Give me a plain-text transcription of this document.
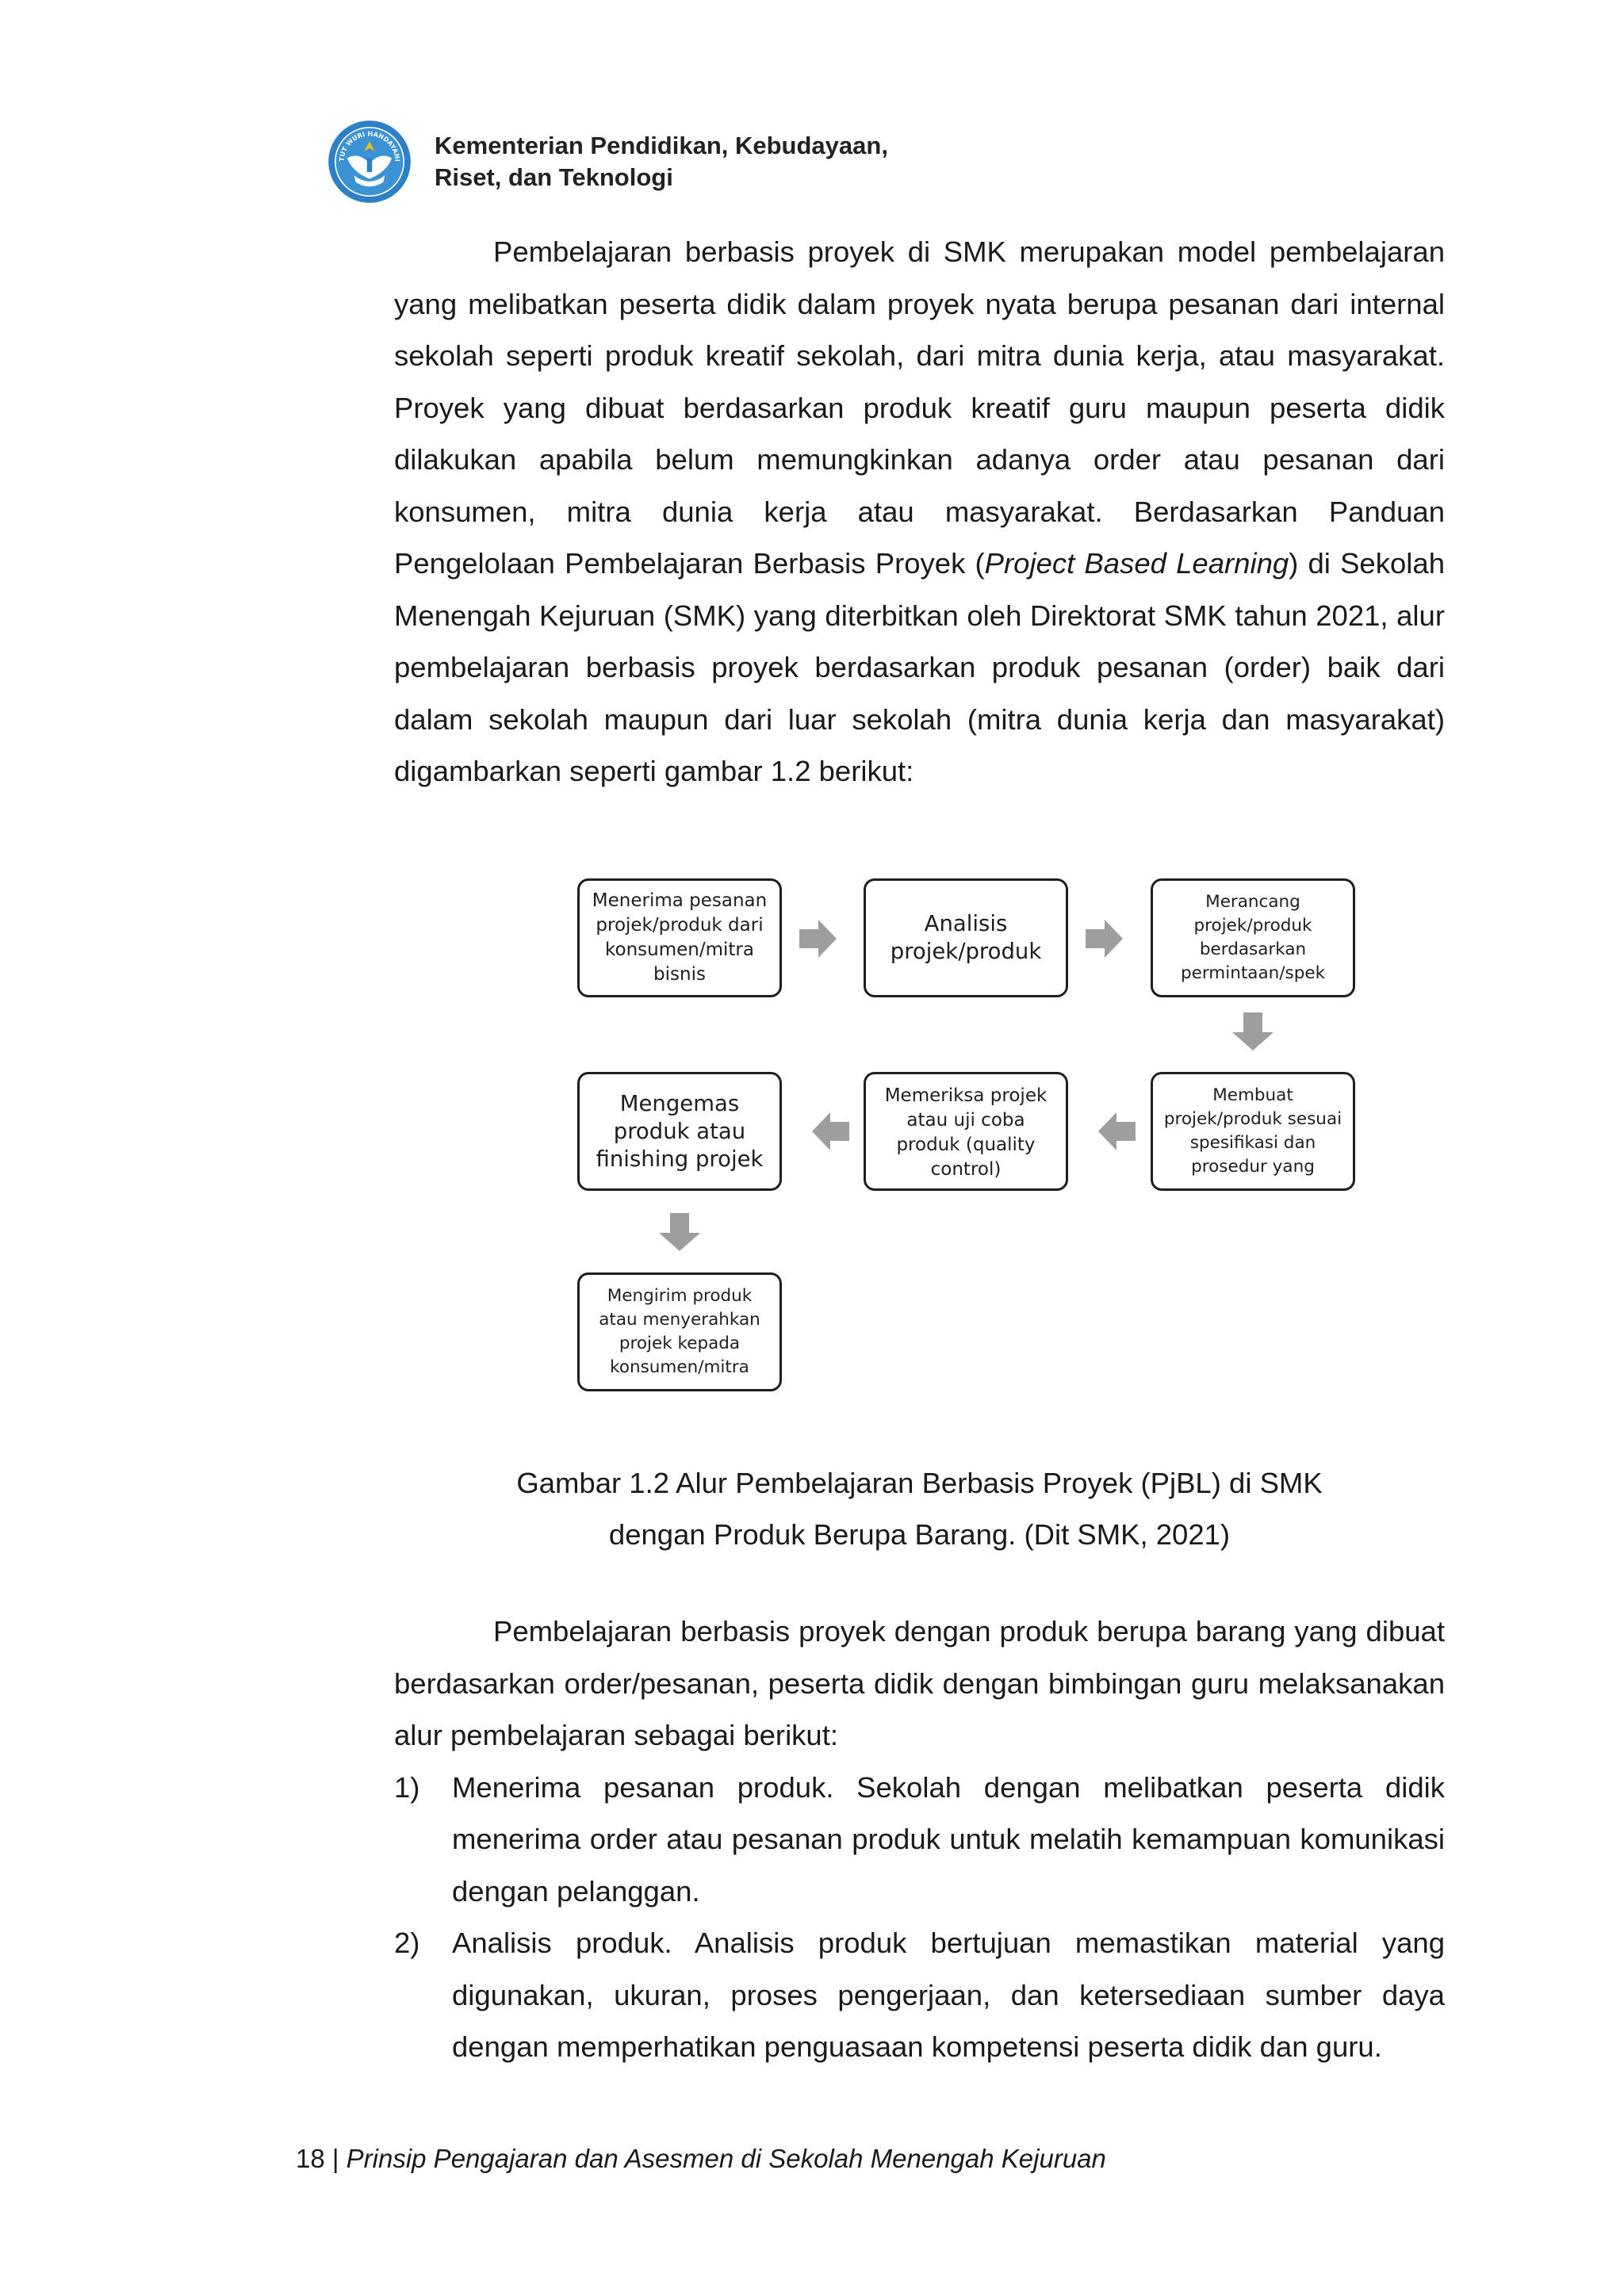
TUT WURI HANDAYANI
Kementerian Pendidikan, Kebudayaan,
Riset, dan Teknologi

Pembelajaran berbasis proyek di SMK merupakan model pembelajaran yang melibatkan peserta didik dalam proyek nyata berupa pesanan dari internal sekolah seperti produk kreatif sekolah, dari mitra dunia kerja, atau masyarakat. Proyek yang dibuat berdasarkan produk kreatif guru maupun peserta didik dilakukan apabila belum memungkinkan adanya order atau pesanan dari konsumen, mitra dunia kerja atau masyarakat. Berdasarkan Panduan Pengelolaan Pembelajaran Berbasis Proyek (Project Based Learning) di Sekolah Menengah Kejuruan (SMK) yang diterbitkan oleh Direktorat SMK tahun 2021, alur pembelajaran berbasis proyek berdasarkan produk pesanan (order) baik dari dalam sekolah maupun dari luar sekolah (mitra dunia kerja dan masyarakat) digambarkan seperti gambar 1.2 berikut:

Menerima pesanan projek/produk dari konsumen/mitra bisnis
Analisis projek/produk
Merancang projek/produk berdasarkan permintaan/spek
Membuat projek/produk sesuai spesifikasi dan prosedur yang
Memeriksa projek atau uji coba produk (quality control)
Mengemas produk atau finishing projek
Mengirim produk atau menyerahkan projek kepada konsumen/mitra
Gambar 1.2 Alur Pembelajaran Berbasis Proyek (PjBL) di SMK
dengan Produk Berupa Barang. (Dit SMK, 2021)

Pembelajaran berbasis proyek dengan produk berupa barang yang dibuat berdasarkan order/pesanan, peserta didik dengan bimbingan guru melaksanakan alur pembelajaran sebagai berikut:

1) Menerima pesanan produk. Sekolah dengan melibatkan peserta didik menerima order atau pesanan produk untuk melatih kemampuan komunikasi dengan pelanggan.
2) Analisis produk. Analisis produk bertujuan memastikan material yang digunakan, ukuran, proses pengerjaan, dan ketersediaan sumber daya dengan memperhatikan penguasaan kompetensi peserta didik dan guru.
18 | Prinsip Pengajaran dan Asesmen di Sekolah Menengah Kejuruan
